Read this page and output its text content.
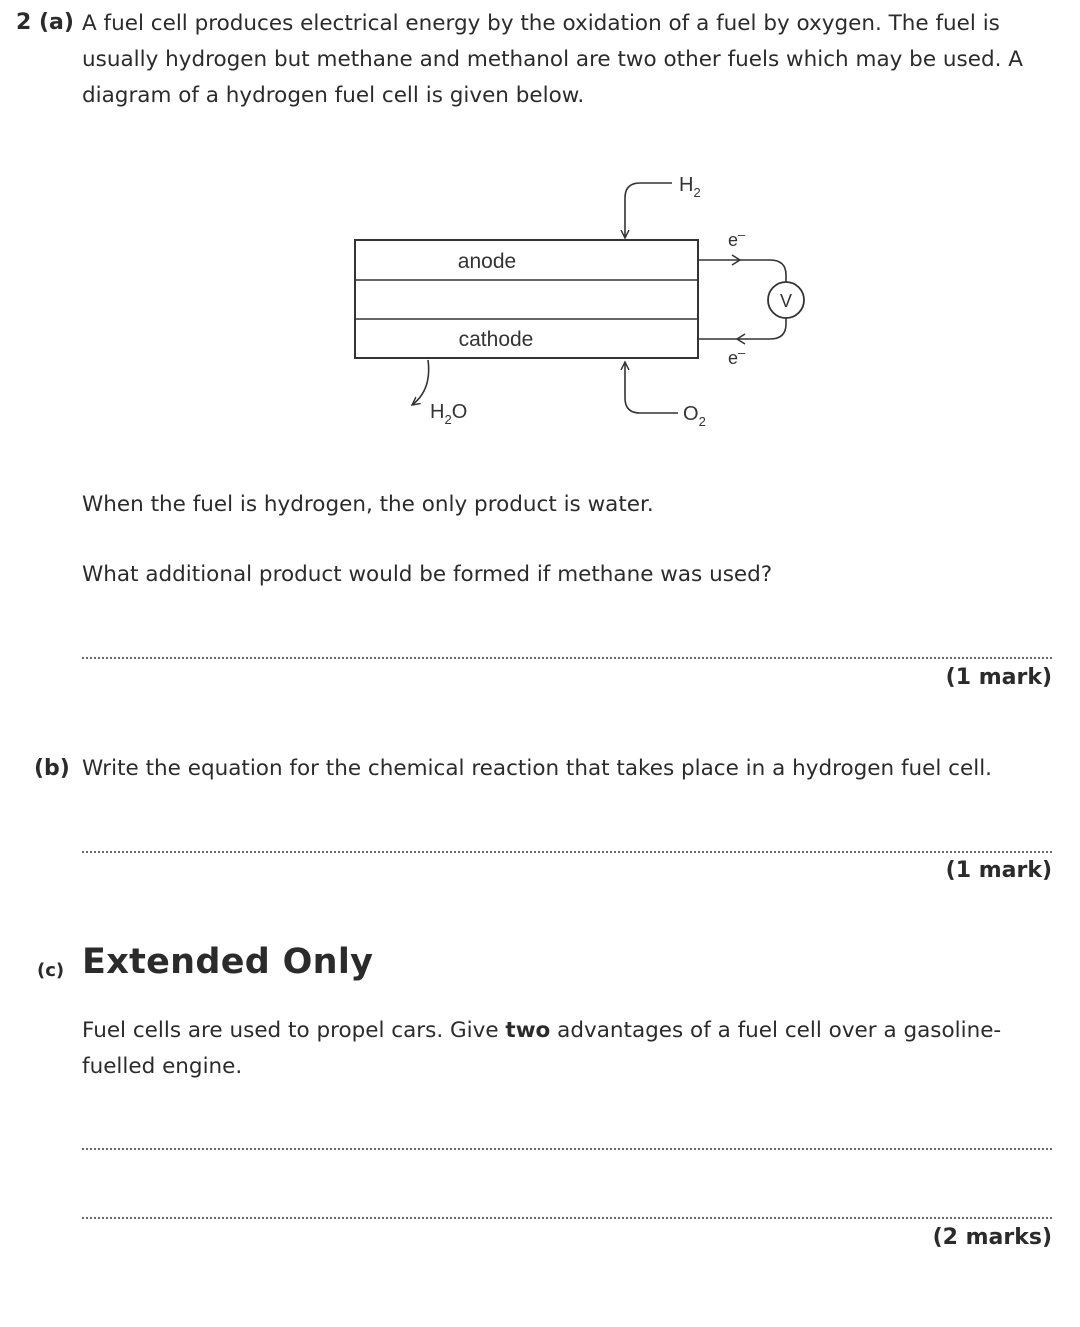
2 (a) A fuel cell produces electrical energy by the oxidation of a fuel by oxygen. The fuel is
usually hydrogen but methane and methanol are two other fuels which may be used. A
diagram of a hydrogen fuel cell is given below.
anode
cathode
$H_2$
$O_2$
$H_2O$
V
e–
e–
When the fuel is hydrogen, the only product is water.
What additional product would be formed if methane was used?
(1 mark)
(b) Write the equation for the chemical reaction that takes place in a hydrogen fuel cell.
(1 mark)
(c) Extended Only
Fuel cells are used to propel cars. Give two advantages of a fuel cell over a gasoline-
fuelled engine.
(2 marks)
